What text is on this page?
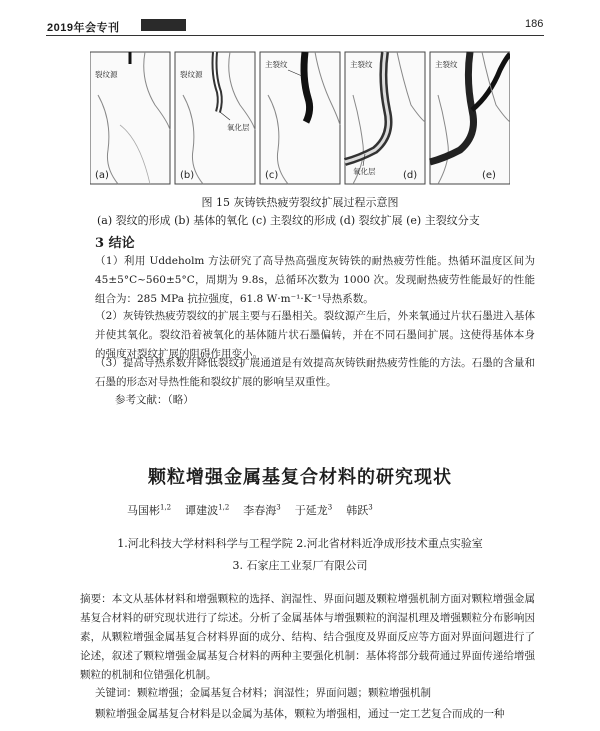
2019年会专刊	186
裂纹源
(a)
裂纹源
氧化层
(b)
主裂纹
(c)
主裂纹
氧化层	(d)
主裂纹
(e)
图 15 灰铸铁热疲劳裂纹扩展过程示意图
(a) 裂纹的形成 (b) 基体的氧化 (c) 主裂纹的形成 (d) 裂纹扩展 (e) 主裂纹分支
3 结论
（1）利用 Uddeholm 方法研究了高导热高强度灰铸铁的耐热疲劳性能。热循环温度区间为 45±5°C~560±5°C，周期为 9.8s，总循环次数为 1000 次。发现耐热疲劳性能最好的性能组合为：285 MPa 抗拉强度，61.8 W·m⁻¹·K⁻¹导热系数。
（2）灰铸铁热疲劳裂纹的扩展主要与石墨相关。裂纹源产生后，外来氧通过片状石墨进入基体并使其氧化。裂纹沿着被氧化的基体随片状石墨偏转，并在不同石墨间扩展。这使得基体本身的强度对裂纹扩展的阻碍作用变小。
（3）提高导热系数并降低裂纹扩展通道是有效提高灰铸铁耐热疲劳性能的方法。石墨的含量和石墨的形态对导热性能和裂纹扩展的影响呈双重性。
参考文献：（略）
颗粒增强金属基复合材料的研究现状
马国彬$^{1,2}$ 谭建波$^{1,2}$ 李春海$^3$ 于延龙$^3$ 韩跃$^3$
1.河北科技大学材料科学与工程学院 2.河北省材料近净成形技术重点实验室
3. 石家庄工业泵厂有限公司
摘要：本文从基体材料和增强颗粒的选择、润湿性、界面问题及颗粒增强机制方面对颗粒增强金属基复合材料的研究现状进行了综述。分析了金属基体与增强颗粒的润湿机理及增强颗粒分布影响因素，从颗粒增强金属基复合材料界面的成分、结构、结合强度及界面反应等方面对界面问题进行了论述，叙述了颗粒增强金属基复合材料的两种主要强化机制：基体将部分载荷通过界面传递给增强颗粒的机制和位错强化机制。
关键词：颗粒增强；金属基复合材料；润湿性；界面问题；颗粒增强机制
颗粒增强金属基复合材料是以金属为基体，颗粒为增强相，通过一定工艺复合而成的一种
